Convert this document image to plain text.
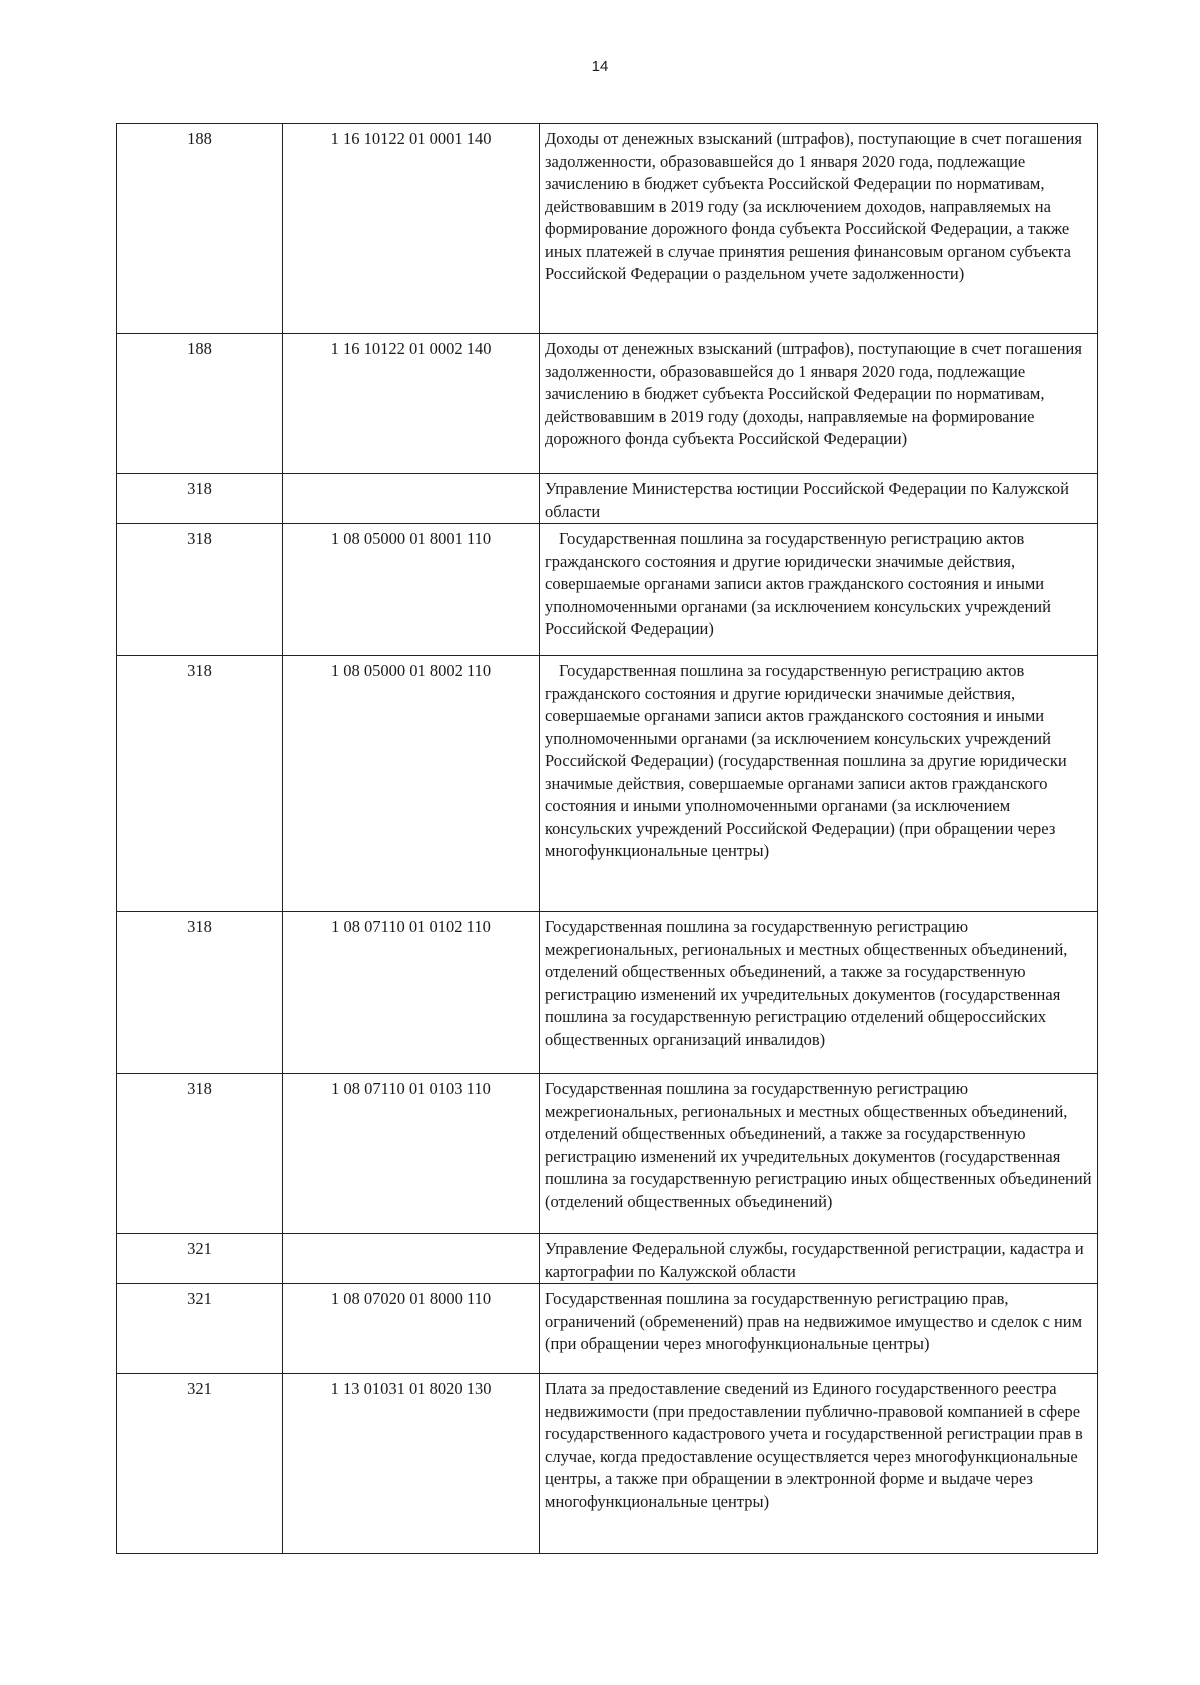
14
188	1 16 10122 01 0001 140	Доходы от денежных взысканий (штрафов), поступающие в счет погашения задолженности, образовавшейся до 1 января 2020 года, подлежащие зачислению в бюджет субъекта Российской Федерации по нормативам, действовавшим в 2019 году (за исключением доходов, направляемых на формирование дорожного фонда субъекта Российской Федерации, а также иных платежей в случае принятия решения финансовым органом субъекта Российской Федерации о раздельном учете задолженности)
188	1 16 10122 01 0002 140	Доходы от денежных взысканий (штрафов), поступающие в счет погашения задолженности, образовавшейся до 1 января 2020 года, подлежащие зачислению в бюджет субъекта Российской Федерации по нормативам, действовавшим в 2019 году (доходы, направляемые на формирование дорожного фонда субъекта Российской Федерации)
318		Управление Министерства юстиции Российской Федерации по Калужской области
318	1 08 05000 01 8001 110	Государственная пошлина за государственную регистрацию актов гражданского состояния и другие юридически значимые действия, совершаемые органами записи актов гражданского состояния и иными уполномоченными органами (за исключением консульских учреждений Российской Федерации)
318	1 08 05000 01 8002 110	Государственная пошлина за государственную регистрацию актов гражданского состояния и другие юридически значимые действия, совершаемые органами записи актов гражданского состояния и иными уполномоченными органами (за исключением консульских учреждений Российской Федерации) (государственная пошлина за другие юридически значимые действия, совершаемые органами записи актов гражданского состояния и иными уполномоченными органами (за исключением консульских учреждений Российской Федерации) (при обращении через многофункциональные центры)
318	1 08 07110 01 0102 110	Государственная пошлина за государственную регистрацию межрегиональных, региональных и местных общественных объединений, отделений общественных объединений, а также за государственную регистрацию изменений их учредительных документов (государственная пошлина за государственную регистрацию отделений общероссийских общественных организаций инвалидов)
318	1 08 07110 01 0103 110	Государственная пошлина за государственную регистрацию межрегиональных, региональных и местных общественных объединений, отделений общественных объединений, а также за государственную регистрацию изменений их учредительных документов (государственная пошлина за государственную регистрацию иных общественных объединений (отделений общественных объединений)
321		Управление Федеральной службы, государственной регистрации, кадастра и картографии по Калужской области
321	1 08 07020 01 8000 110	Государственная пошлина за государственную регистрацию прав, ограничений (обременений) прав на недвижимое имущество и сделок с ним (при обращении через многофункциональные центры)
321	1 13 01031 01 8020 130	Плата за предоставление сведений из Единого государственного реестра недвижимости (при предоставлении публично-правовой компанией в сфере государственного кадастрового учета и государственной регистрации прав в случае, когда предоставление осуществляется через многофункциональные центры, а также при обращении в электронной форме и выдаче через многофункциональные центры)
